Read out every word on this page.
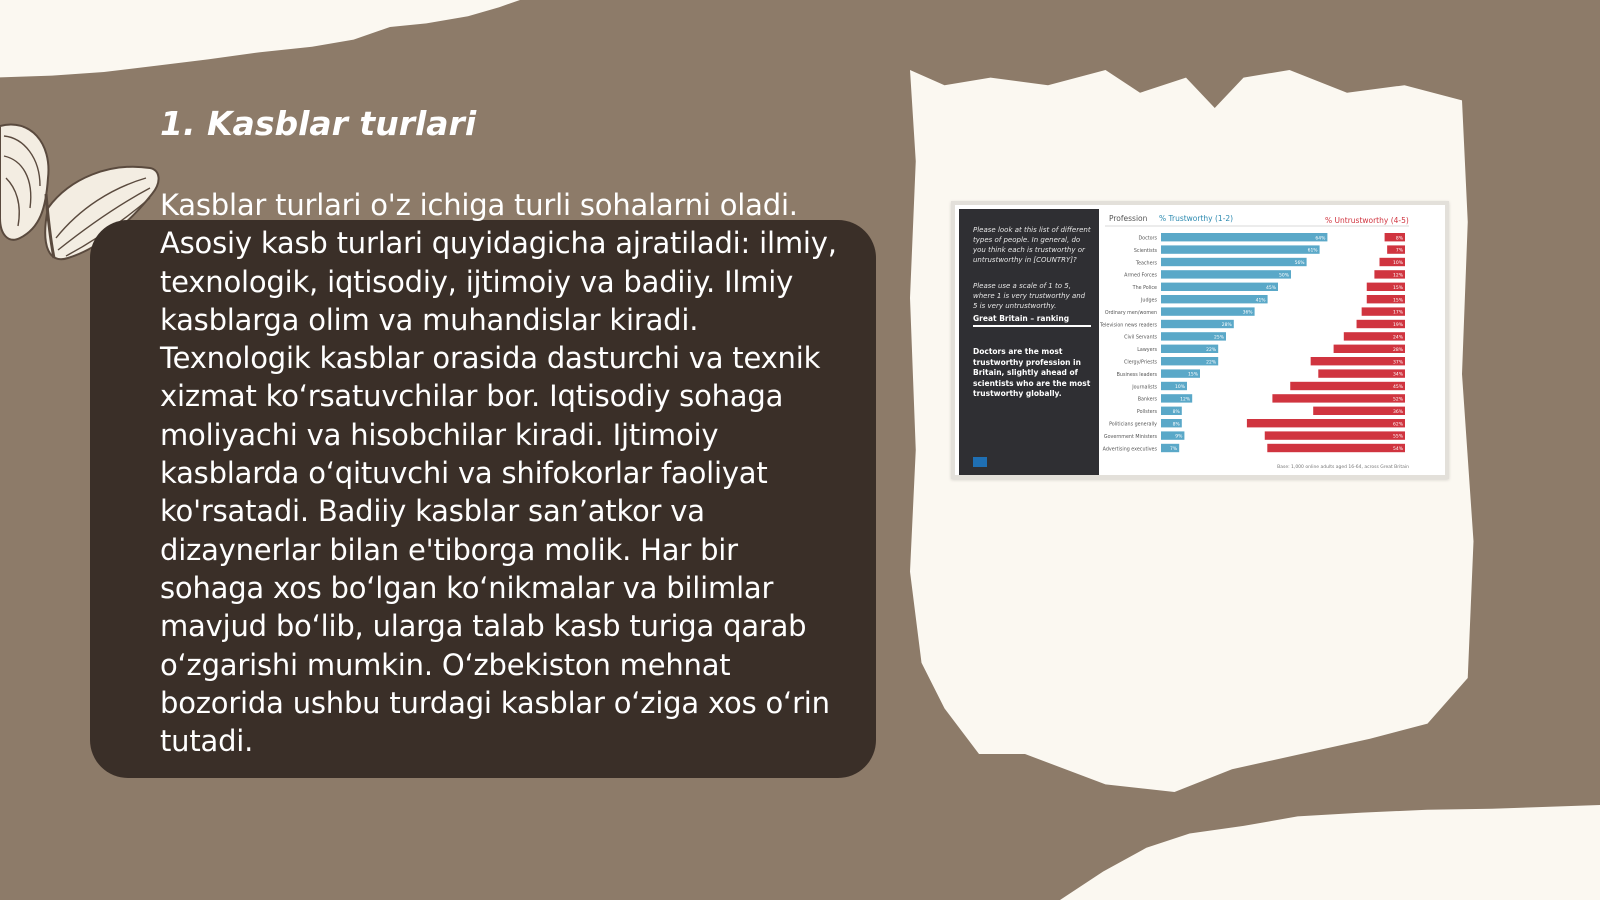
1. Kasblar turlari

Kasblar turlari o'z ichiga turli sohalarni oladi. Asosiy kasb turlari quyidagicha ajratiladi: ilmiy, texnologik, iqtisodiy, ijtimoiy va badiiy. Ilmiy kasblarga olim va muhandislar kiradi. Texnologik kasblar orasida dasturchi va texnik xizmat koʻrsatuvchilar bor. Iqtisodiy sohaga moliyachi va hisobchilar kiradi. Ijtimoiy kasblarda oʻqituvchi va shifokorlar faoliyat ko'rsatadi. Badiiy kasblar san’atkor va dizaynerlar bilan e'tiborga molik. Har bir sohaga xos boʻlgan koʻnikmalar va bilimlar mavjud boʻlib, ularga talab kasb turiga qarab oʻzgarishi mumkin. Oʻzbekiston mehnat bozorida ushbu turdagi kasblar oʻziga xos oʻrin tutadi.

Please look at this list of different types of people. In general, do you think each is trustworthy or untrustworthy in [COUNTRY]?

Please use a scale of 1 to 5, where 1 is very trustworthy and 5 is very untrustworthy.

Great Britain – ranking

Doctors are the most trustworthy profession in Britain, slightly ahead of scientists who are the most trustworthy globally.

Profession % Trustworthy (1-2)	% Untrustworthy (4-5)
Doctors	64%	8%
Scientists	61%	7%
Teachers	56%	10%
Armed Forces	50%	12%
The Police	45%	15%
Judges	41%	15%
Ordinary men/women	36%	17%
Television news readers	28%	19%
Civil Servants	25%	24%
Lawyers	22%	28%
Clergy/Priests	22%	37%
Business leaders	15%	34%
Journalists	10%	45%
Bankers	12%	52%
Pollsters	8%	36%
Politicians generally	8%	62%
Government Ministers	9%	55%
Advertising executives	7%	54%
Base: 1,000 online adults aged 16-64, across Great Britain
